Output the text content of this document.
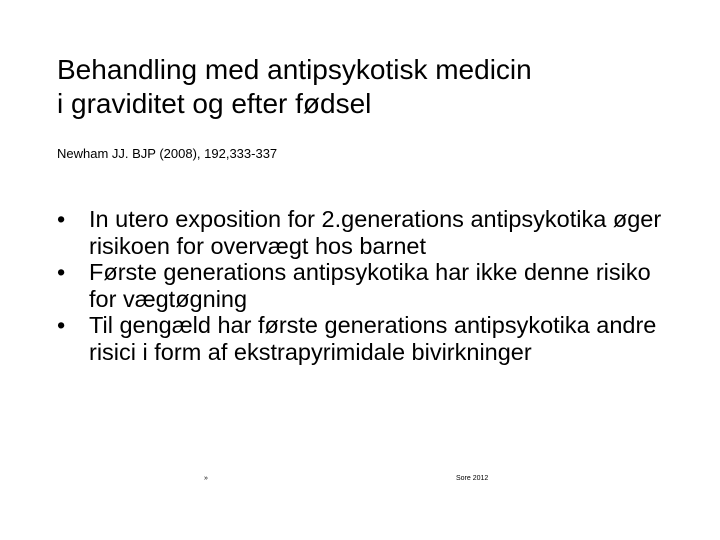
Behandling med antipsykotisk medicin
i graviditet og efter fødsel
Newham JJ. BJP (2008), 192,333-337
•	In utero exposition for 2.generations antipsykotika øger risikoen for overvægt hos barnet
•	Første generations antipsykotika har ikke denne risiko for vægtøgning
•	Til gengæld har første generations antipsykotika andre risici i form af ekstrapyrimidale bivirkninger
»	Sore 2012
